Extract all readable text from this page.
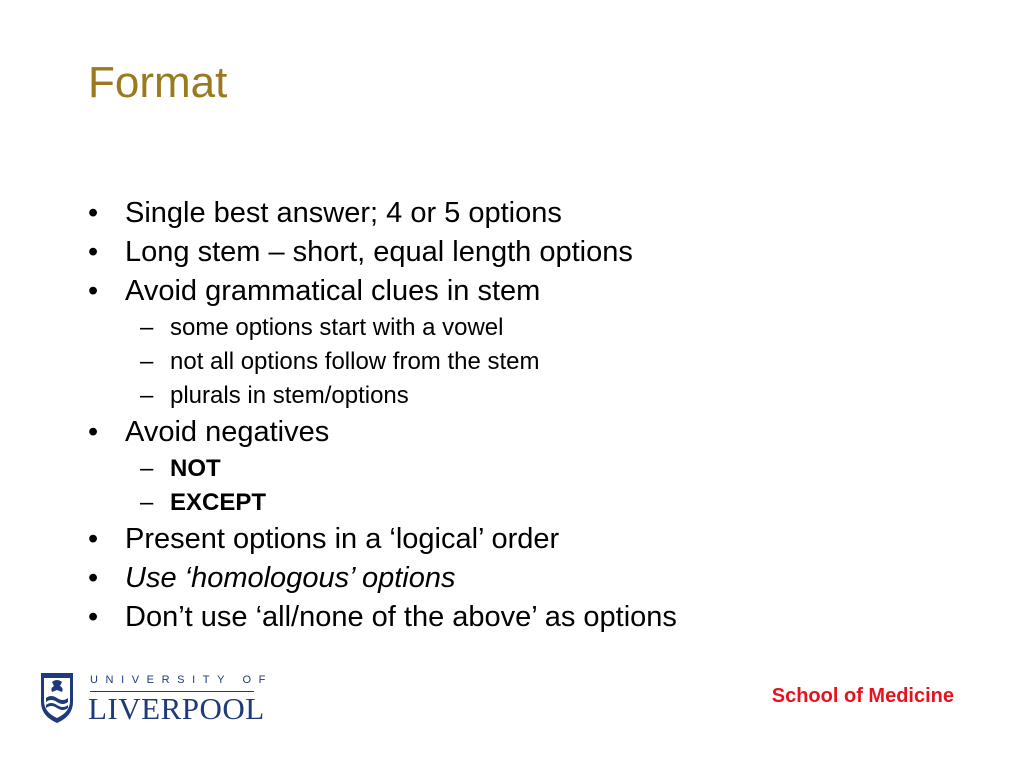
Format
• Single best answer; 4 or 5 options
• Long stem – short, equal length options
• Avoid grammatical clues in stem
– some options start with a vowel
– not all options follow from the stem
– plurals in stem/options
• Avoid negatives
– NOT
– EXCEPT
• Present options in a ‘logical’ order
• Use ‘homologous’ options
• Don’t use ‘all/none of the above’ as options
UNIVERSITY OF
LIVERPOOL	School of Medicine
